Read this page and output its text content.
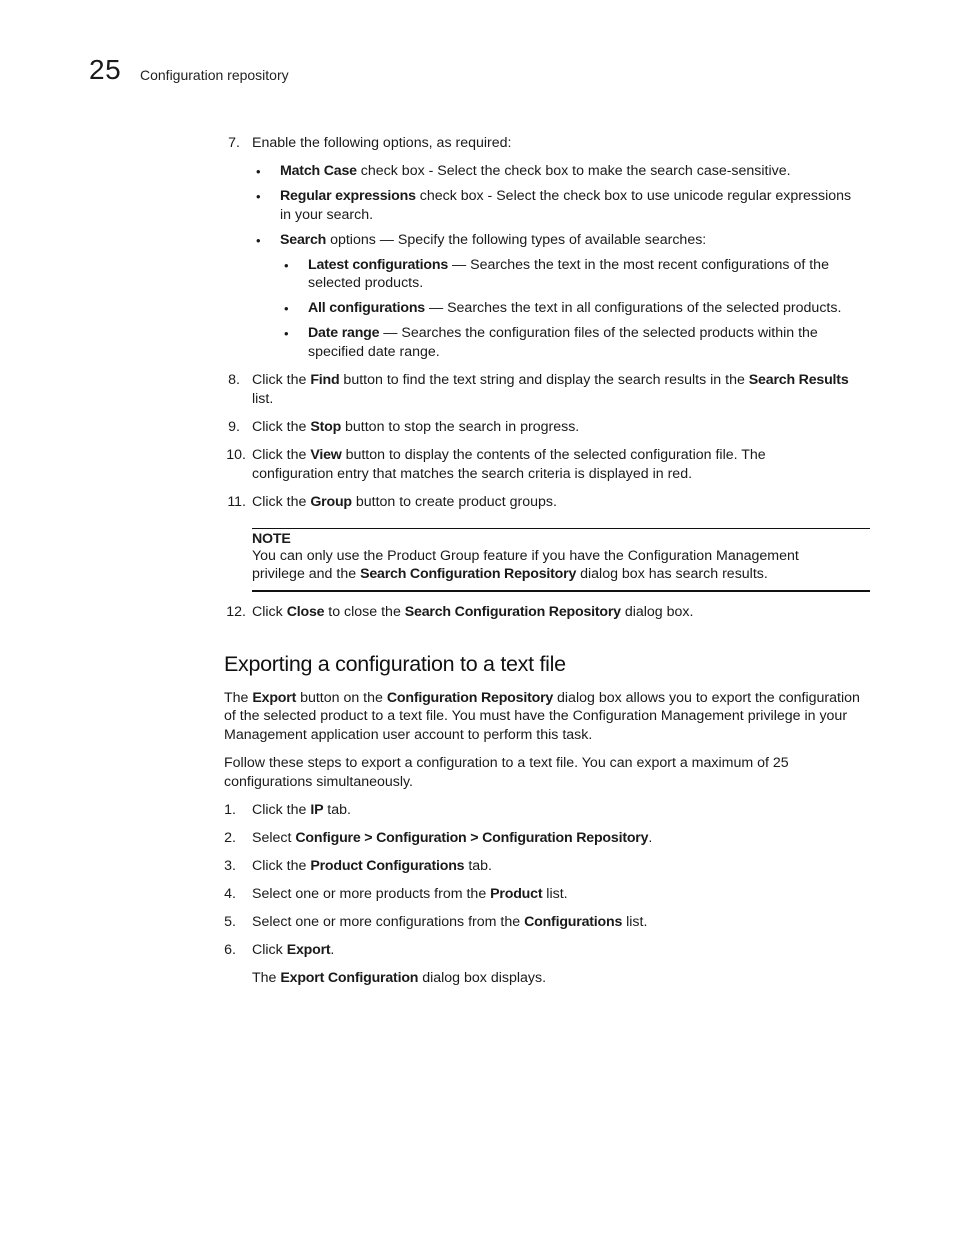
25 Configuration repository
7. Enable the following options, as required:
• Match Case check box - Select the check box to make the search case-sensitive.
• Regular expressions check box - Select the check box to use unicode regular expressions
in your search.
• Search options — Specify the following types of available searches:
• Latest configurations — Searches the text in the most recent configurations of the
selected products.
• All configurations — Searches the text in all configurations of the selected products.
• Date range — Searches the configuration files of the selected products within the
specified date range.
8. Click the Find button to find the text string and display the search results in the Search Results
list.
9. Click the Stop button to stop the search in progress.
10. Click the View button to display the contents of the selected configuration file. The
configuration entry that matches the search criteria is displayed in red.
11. Click the Group button to create product groups.
NOTE
You can only use the Product Group feature if you have the Configuration Management
privilege and the Search Configuration Repository dialog box has search results.
12. Click Close to close the Search Configuration Repository dialog box.
Exporting a configuration to a text file
The Export button on the Configuration Repository dialog box allows you to export the configuration
of the selected product to a text file. You must have the Configuration Management privilege in your
Management application user account to perform this task.
Follow these steps to export a configuration to a text file. You can export a maximum of 25
configurations simultaneously.
1. Click the IP tab.
2. Select Configure > Configuration > Configuration Repository.
3. Click the Product Configurations tab.
4. Select one or more products from the Product list.
5. Select one or more configurations from the Configurations list.
6. Click Export.
The Export Configuration dialog box displays.
